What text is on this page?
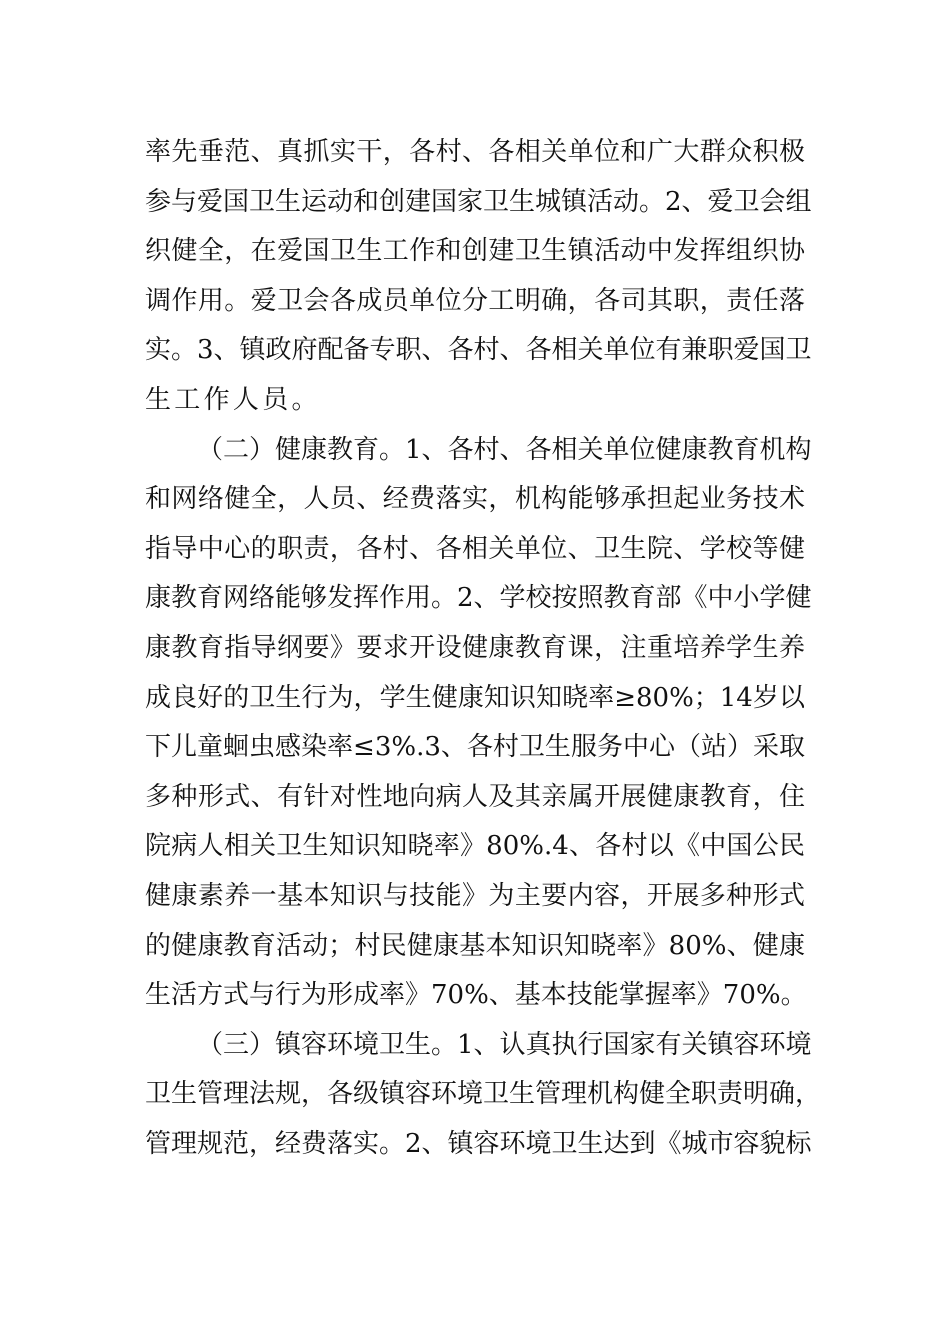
率先垂范、真抓实干，各村、各相关单位和广大群众积极
参与爱国卫生运动和创建国家卫生城镇活动。2、爱卫会组
织健全，在爱国卫生工作和创建卫生镇活动中发挥组织协
调作用。爱卫会各成员单位分工明确，各司其职，责任落
实。3、镇政府配备专职、各村、各相关单位有兼职爱国卫
生工作人员。
（二）健康教育。1、各村、各相关单位健康教育机构
和网络健全，人员、经费落实，机构能够承担起业务技术
指导中心的职责，各村、各相关单位、卫生院、学校等健
康教育网络能够发挥作用。2、学校按照教育部《中小学健
康教育指导纲要》要求开设健康教育课，注重培养学生养
成良好的卫生行为，学生健康知识知晓率≥80%；14岁以
下儿童蛔虫感染率≤3%.3、各村卫生服务中心（站）采取
多种形式、有针对性地向病人及其亲属开展健康教育，住
院病人相关卫生知识知晓率》80%.4、各村以《中国公民
健康素养一基本知识与技能》为主要内容，开展多种形式
的健康教育活动；村民健康基本知识知晓率》80%、健康
生活方式与行为形成率》70%、基本技能掌握率》70%。
（三）镇容环境卫生。1、认真执行国家有关镇容环境
卫生管理法规，各级镇容环境卫生管理机构健全职责明确，
管理规范，经费落实。2、镇容环境卫生达到《城市容貌标
